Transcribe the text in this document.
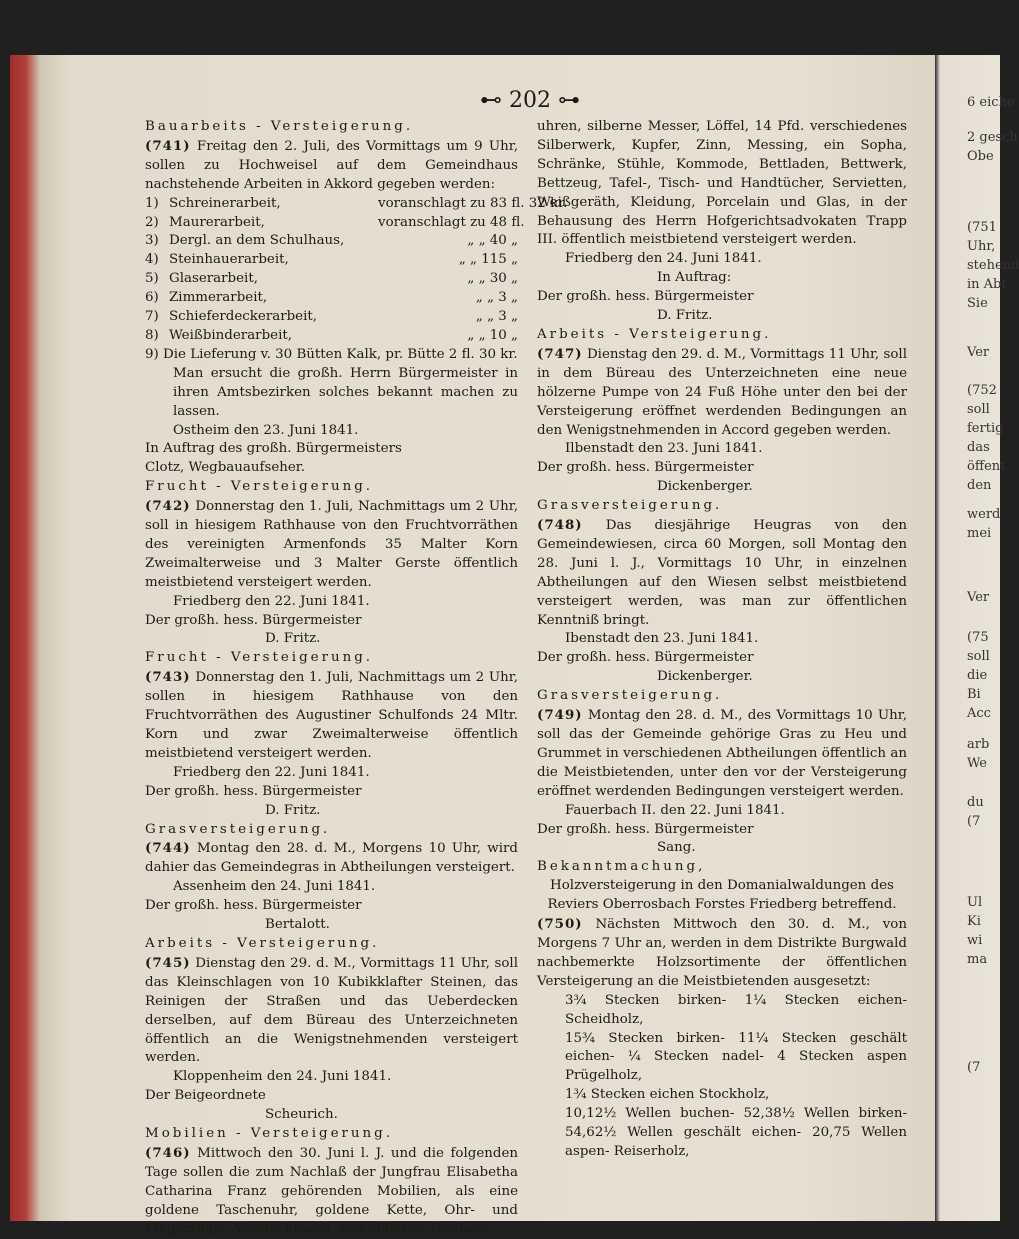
6 eiche
2 gesch
Obe
(751
Uhr,
stehend
in Abt
Sie
Ver
(752
soll
fertig
das
öffent
den
werd
mei
Ver
(75
soll
die
Bi
Acc
arb
We
du
(7
Ul
Ki
wi
ma
(7
⊷ 202 ⊶

Bauarbeits - Versteigerung.

(741) Freitag den 2. Juli, des Vormittags um 9 Uhr, sollen zu Hochweisel auf dem Gemeindhaus nachstehende Arbeiten in Akkord gegeben werden:

1) Schreinerarbeit,	voranschlagt zu 83 fl. 32 kr.
2) Maurerarbeit,	voranschlagt zu 48 fl.
3) Dergl. an dem Schulhaus,	„ „ 40 „
4) Steinhauerarbeit,	„ „ 115 „
5) Glaserarbeit,	„ „ 30 „
6) Zimmerarbeit,	„ „ 3 „
7) Schieferdeckerarbeit,	„ „ 3 „
8) Weißbinderarbeit,	„ „ 10 „

9) Die Lieferung v. 30 Bütten Kalk, pr. Bütte 2 fl. 30 kr.

Man ersucht die großh. Herrn Bürgermeister in ihren Amtsbezirken solches bekannt machen zu lassen.

Ostheim den 23. Juni 1841.

In Auftrag des großh. Bürgermeisters

Clotz, Wegbauaufseher.

Frucht - Versteigerung.

(742) Donnerstag den 1. Juli, Nachmittags um 2 Uhr, soll in hiesigem Rathhause von den Fruchtvorräthen des vereinigten Armenfonds 35 Malter Korn Zweimalterweise und 3 Malter Gerste öffentlich meistbietend versteigert werden.

Friedberg den 22. Juni 1841.

Der großh. hess. Bürgermeister

D. Fritz.

Frucht - Versteigerung.

(743) Donnerstag den 1. Juli, Nachmittags um 2 Uhr, sollen in hiesigem Rathhause von den Fruchtvorräthen des Augustiner Schulfonds 24 Mltr. Korn und zwar Zweimalterweise öffentlich meistbietend versteigert werden.

Friedberg den 22. Juni 1841.

Der großh. hess. Bürgermeister

D. Fritz.

Grasversteigerung.

(744) Montag den 28. d. M., Morgens 10 Uhr, wird dahier das Gemeindegras in Abtheilungen versteigert.

Assenheim den 24. Juni 1841.

Der großh. hess. Bürgermeister

Bertalott.

Arbeits - Versteigerung.

(745) Dienstag den 29. d. M., Vormittags 11 Uhr, soll das Kleinschlagen von 10 Kubikklafter Steinen, das Reinigen der Straßen und das Ueberdecken derselben, auf dem Büreau des Unterzeichneten öffentlich an die Wenigstnehmenden versteigert werden.

Kloppenheim den 24. Juni 1841.

Der Beigeordnete

Scheurich.

Mobilien - Versteigerung.

(746) Mittwoch den 30. Juni l. J. und die folgenden Tage sollen die zum Nachlaß der Jungfrau Elisabetha Catharina Franz gehörenden Mobilien, als eine goldene Taschenuhr, goldene Kette, Ohr- und Fingerringe, Vorstecknadel, vier silberne Taschen-

uhren, silberne Messer, Löffel, 14 Pfd. verschiedenes Silberwerk, Kupfer, Zinn, Messing, ein Sopha, Schränke, Stühle, Kommode, Bettladen, Bettwerk, Bettzeug, Tafel-, Tisch- und Handtücher, Servietten, Weißgeräth, Kleidung, Porcelain und Glas, in der Behausung des Herrn Hofgerichtsadvokaten Trapp III. öffentlich meistbietend versteigert werden.

Friedberg den 24. Juni 1841.

In Auftrag:

Der großh. hess. Bürgermeister

D. Fritz.

Arbeits - Versteigerung.

(747) Dienstag den 29. d. M., Vormittags 11 Uhr, soll in dem Büreau des Unterzeichneten eine neue hölzerne Pumpe von 24 Fuß Höhe unter den bei der Versteigerung eröffnet werdenden Bedingungen an den Wenigstnehmenden in Accord gegeben werden.

Ilbenstadt den 23. Juni 1841.

Der großh. hess. Bürgermeister

Dickenberger.

Grasversteigerung.

(748) Das diesjährige Heugras von den Gemeindewiesen, circa 60 Morgen, soll Montag den 28. Juni l. J., Vormittags 10 Uhr, in einzelnen Abtheilungen auf den Wiesen selbst meistbietend versteigert werden, was man zur öffentlichen Kenntniß bringt.

Ibenstadt den 23. Juni 1841.

Der großh. hess. Bürgermeister

Dickenberger.

Grasversteigerung.

(749) Montag den 28. d. M., des Vormittags 10 Uhr, soll das der Gemeinde gehörige Gras zu Heu und Grummet in verschiedenen Abtheilungen öffentlich an die Meistbietenden, unter den vor der Versteigerung eröffnet werdenden Bedingungen versteigert werden.

Fauerbach II. den 22. Juni 1841.

Der großh. hess. Bürgermeister

Sang.

Bekanntmachung,

Holzversteigerung in den Domanialwaldungen des Reviers Oberrosbach Forstes Friedberg betreffend.

(750) Nächsten Mittwoch den 30. d. M., von Morgens 7 Uhr an, werden in dem Distrikte Burgwald nachbemerkte Holzsortimente der öffentlichen Versteigerung an die Meistbietenden ausgesetzt:

3¾ Stecken birken- 1¼ Stecken eichen- Scheidholz,

15¾ Stecken birken- 11¼ Stecken geschält eichen- ¼ Stecken nadel- 4 Stecken aspen Prügelholz,

1¾ Stecken eichen Stockholz,

10,12½ Wellen buchen- 52,38½ Wellen birken- 54,62½ Wellen geschält eichen- 20,75 Wellen aspen- Reiserholz,
